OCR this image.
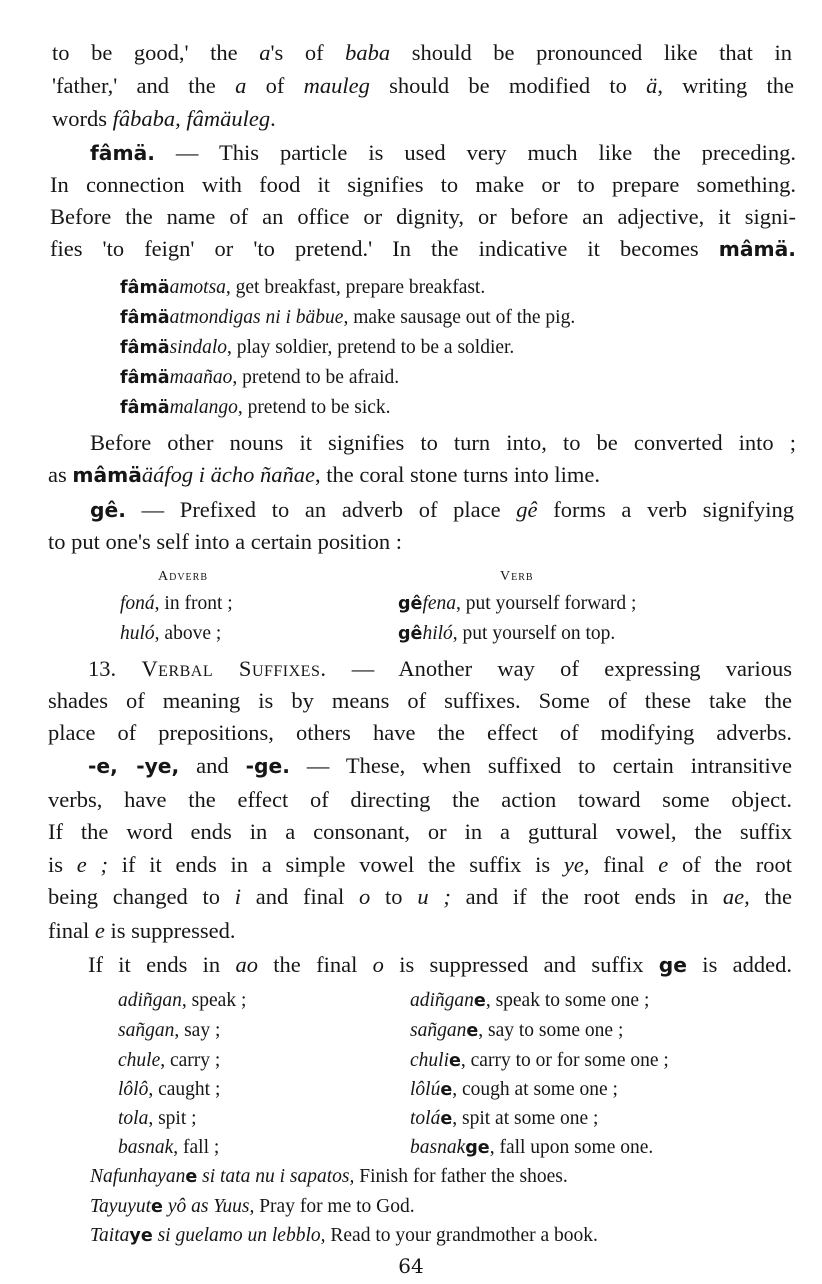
to be good,' the a's of baba should be pronounced like that in
'father,' and the a of mauleg should be modified to ä, writing the
words fâbaba, fâmäuleg.
fâmä. — This particle is used very much like the preceding.
In connection with food it signifies to make or to prepare something.
Before the name of an office or dignity, or before an adjective, it signi-
fies 'to feign' or 'to pretend.' In the indicative it becomes mâmä.
fâmäamotsa, get breakfast, prepare breakfast.
fâmäatmondigas ni i bäbue, make sausage out of the pig.
fâmäsindalo, play soldier, pretend to be a soldier.
fâmämaañao, pretend to be afraid.
fâmämalango, pretend to be sick.
Before other nouns it signifies to turn into, to be converted into ;
as mâmääáfog i ächo ñañae, the coral stone turns into lime.
gê. — Prefixed to an adverb of place gê forms a verb signifying
to put one's self into a certain position :
Adverb	Verb
foná, in front ;	gêfena, put yourself forward ;
huló, above ;	gêhiló, put yourself on top.
13. Verbal Suffixes. — Another way of expressing various
shades of meaning is by means of suffixes. Some of these take the
place of prepositions, others have the effect of modifying adverbs.
-e, -ye, and -ge. — These, when suffixed to certain intransitive
verbs, have the effect of directing the action toward some object.
If the word ends in a consonant, or in a guttural vowel, the suffix
is e ; if it ends in a simple vowel the suffix is ye, final e of the root
being changed to i and final o to u ; and if the root ends in ae, the
final e is suppressed.
If it ends in ao the final o is suppressed and suffix ge is added.
adiñgan, speak ;	adiñgane, speak to some one ;
sañgan, say ;	sañgane, say to some one ;
chule, carry ;	chulie, carry to or for some one ;
lôlô, caught ;	lôlúe, cough at some one ;
tola, spit ;	toláe, spit at some one ;
basnak, fall ;	basnakge, fall upon some one.
Nafunhayane si tata nu i sapatos, Finish for father the shoes.
Tayuyute yô as Yuus, Pray for me to God.
Taitaye si guelamo un lebblo, Read to your grandmother a book.
64
